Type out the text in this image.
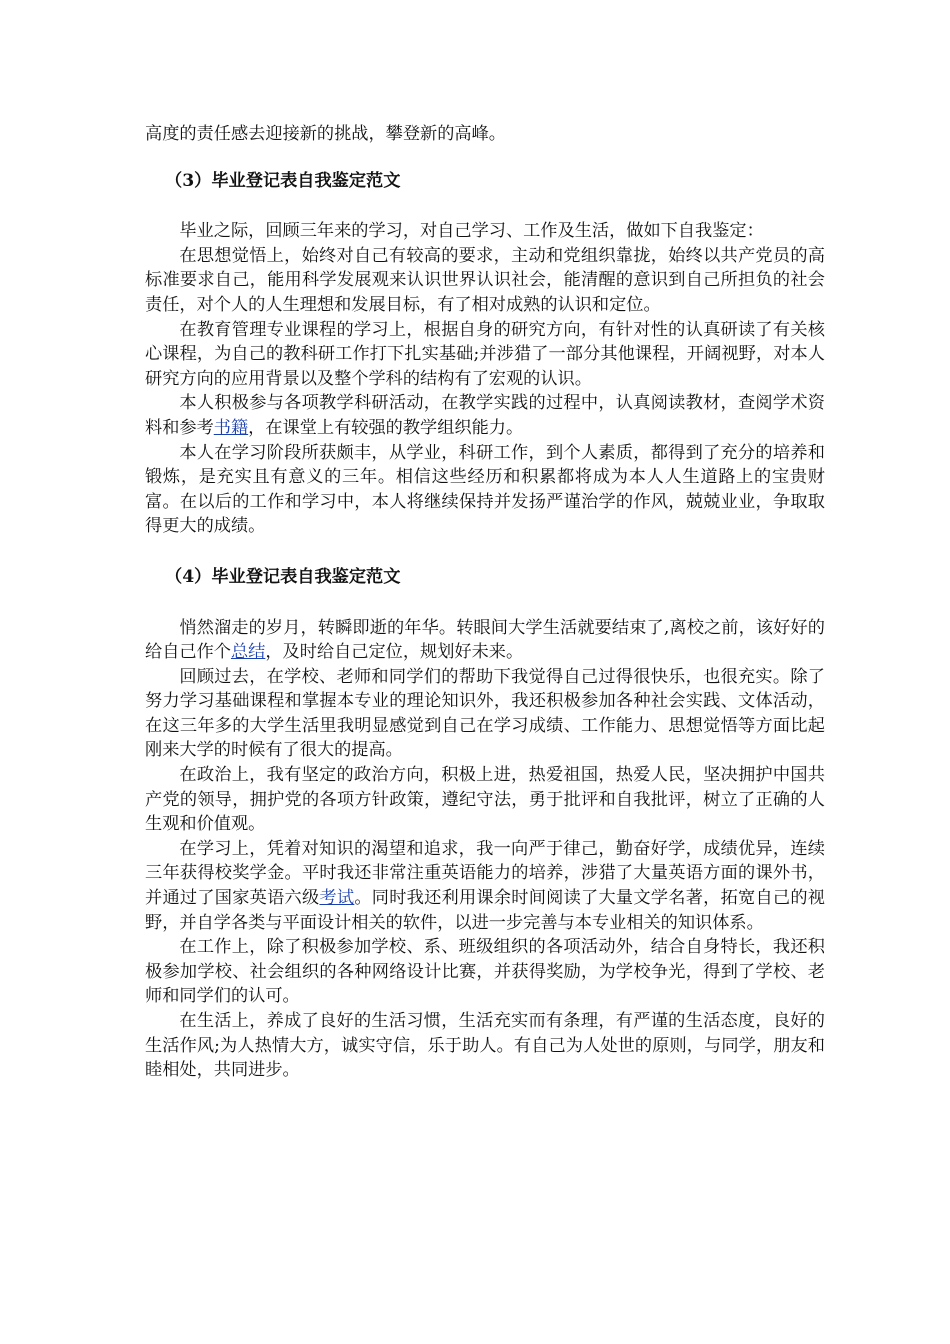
高度的责任感去迎接新的挑战，攀登新的高峰。

（3）毕业登记表自我鉴定范文

毕业之际，回顾三年来的学习，对自己学习、工作及生活，做如下自我鉴定：

在思想觉悟上，始终对自己有较高的要求，主动和党组织靠拢，始终以共产党员的高标准要求自己，能用科学发展观来认识世界认识社会，能清醒的意识到自己所担负的社会责任，对个人的人生理想和发展目标，有了相对成熟的认识和定位。

在教育管理专业课程的学习上，根据自身的研究方向，有针对性的认真研读了有关核心课程，为自己的教科研工作打下扎实基础;并涉猎了一部分其他课程，开阔视野，对本人研究方向的应用背景以及整个学科的结构有了宏观的认识。

本人积极参与各项教学科研活动，在教学实践的过程中，认真阅读教材，查阅学术资料和参考书籍，在课堂上有较强的教学组织能力。

本人在学习阶段所获颇丰，从学业，科研工作，到个人素质，都得到了充分的培养和锻炼，是充实且有意义的三年。相信这些经历和积累都将成为本人人生道路上的宝贵财富。在以后的工作和学习中，本人将继续保持并发扬严谨治学的作风，兢兢业业，争取取得更大的成绩。

（4）毕业登记表自我鉴定范文

悄然溜走的岁月，转瞬即逝的年华。转眼间大学生活就要结束了,离校之前，该好好的给自己作个总结，及时给自己定位，规划好未来。

回顾过去，在学校、老师和同学们的帮助下我觉得自己过得很快乐，也很充实。除了努力学习基础课程和掌握本专业的理论知识外，我还积极参加各种社会实践、文体活动，在这三年多的大学生活里我明显感觉到自己在学习成绩、工作能力、思想觉悟等方面比起刚来大学的时候有了很大的提高。

在政治上，我有坚定的政治方向，积极上进，热爱祖国，热爱人民，坚决拥护中国共产党的领导，拥护党的各项方针政策，遵纪守法，勇于批评和自我批评，树立了正确的人生观和价值观。

在学习上，凭着对知识的渴望和追求，我一向严于律己，勤奋好学，成绩优异，连续三年获得校奖学金。平时我还非常注重英语能力的培养，涉猎了大量英语方面的课外书，并通过了国家英语六级考试。同时我还利用课余时间阅读了大量文学名著，拓宽自己的视野，并自学各类与平面设计相关的软件，以进一步完善与本专业相关的知识体系。

在工作上，除了积极参加学校、系、班级组织的各项活动外，结合自身特长，我还积极参加学校、社会组织的各种网络设计比赛，并获得奖励，为学校争光，得到了学校、老师和同学们的认可。

在生活上，养成了良好的生活习惯，生活充实而有条理，有严谨的生活态度，良好的生活作风;为人热情大方，诚实守信，乐于助人。有自己为人处世的原则，与同学，朋友和睦相处，共同进步。
